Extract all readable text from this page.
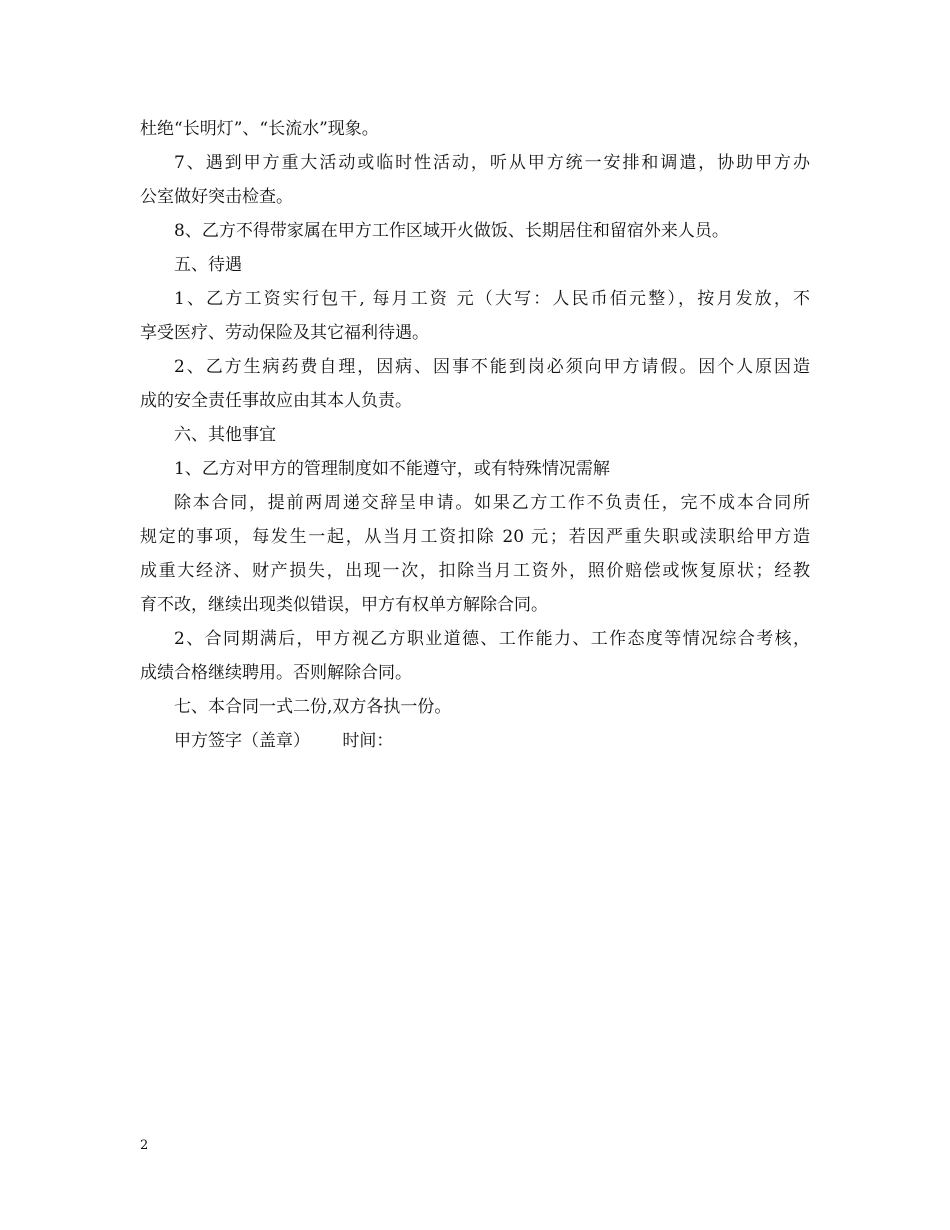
杜绝“长明灯”、“长流水”现象。
7、遇到甲方重大活动或临时性活动，听从甲方统一安排和调遣，协助甲方办
公室做好突击检查。
8、乙方不得带家属在甲方工作区域开火做饭、长期居住和留宿外来人员。
五、待遇
1、乙方工资实行包干, 每月工资 元（大写：人民币佰元整），按月发放，不
享受医疗、劳动保险及其它福利待遇。
2、乙方生病药费自理，因病、因事不能到岗必须向甲方请假。因个人原因造
成的安全责任事故应由其本人负责。
六、其他事宜
1、乙方对甲方的管理制度如不能遵守，或有特殊情况需解
除本合同，提前两周递交辞呈申请。如果乙方工作不负责任，完不成本合同所
规定的事项，每发生一起，从当月工资扣除 20 元；若因严重失职或渎职给甲方造
成重大经济、财产损失，出现一次，扣除当月工资外，照价赔偿或恢复原状；经教
育不改，继续出现类似错误，甲方有权单方解除合同。
2、合同期满后，甲方视乙方职业道德、工作能力、工作态度等情况综合考核，
成绩合格继续聘用。否则解除合同。
七、本合同一式二份,双方各执一份。
甲方签字（盖章）      时间：
2
